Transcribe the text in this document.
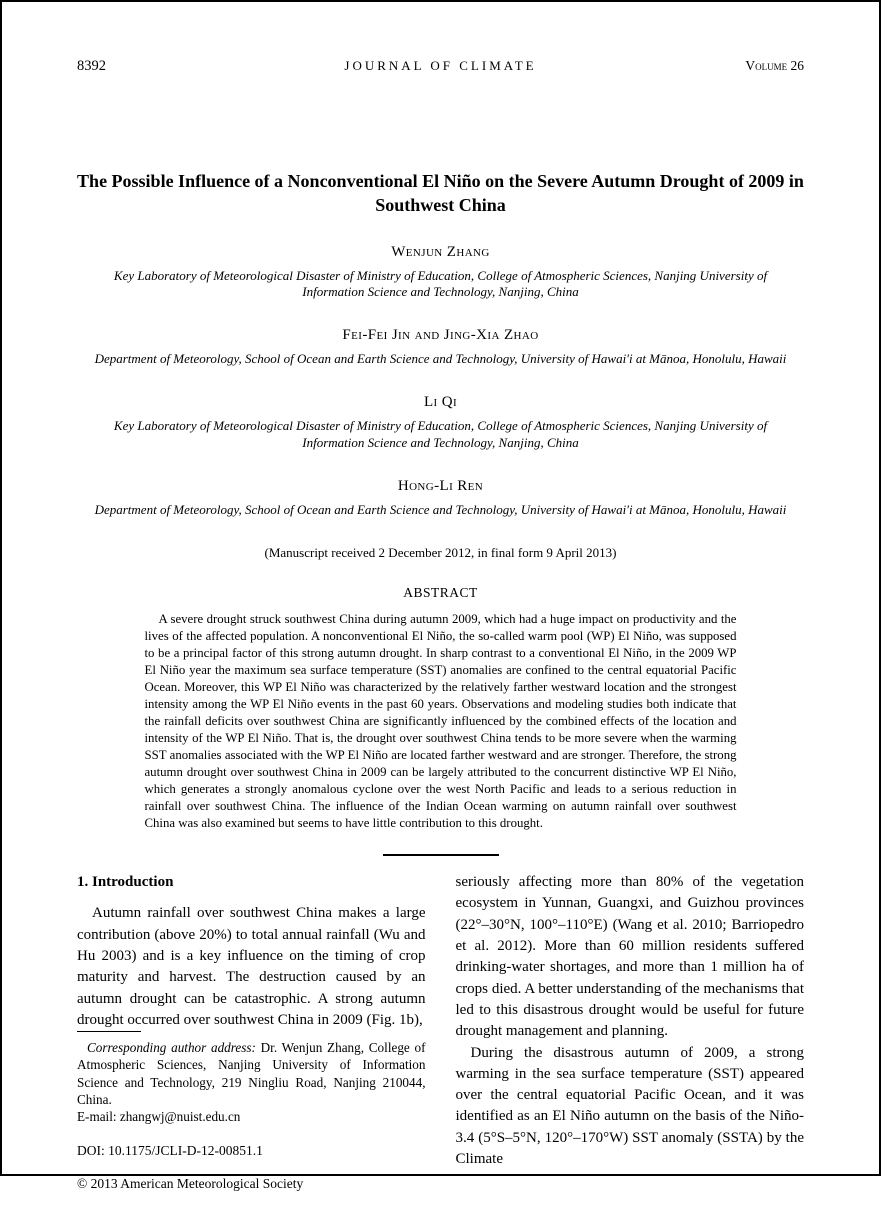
8392	JOURNAL OF CLIMATE	Volume 26
The Possible Influence of a Nonconventional El Niño on the Severe Autumn Drought of 2009 in Southwest China
Wenjun Zhang
Key Laboratory of Meteorological Disaster of Ministry of Education, College of Atmospheric Sciences, Nanjing University of Information Science and Technology, Nanjing, China
Fei-Fei Jin and Jing-Xia Zhao
Department of Meteorology, School of Ocean and Earth Science and Technology, University of Hawai'i at Mānoa, Honolulu, Hawaii
Li Qi
Key Laboratory of Meteorological Disaster of Ministry of Education, College of Atmospheric Sciences, Nanjing University of Information Science and Technology, Nanjing, China
Hong-Li Ren
Department of Meteorology, School of Ocean and Earth Science and Technology, University of Hawai'i at Mānoa, Honolulu, Hawaii
(Manuscript received 2 December 2012, in final form 9 April 2013)
ABSTRACT

A severe drought struck southwest China during autumn 2009, which had a huge impact on productivity and the lives of the affected population. A nonconventional El Niño, the so-called warm pool (WP) El Niño, was supposed to be a principal factor of this strong autumn drought. In sharp contrast to a conventional El Niño, in the 2009 WP El Niño year the maximum sea surface temperature (SST) anomalies are confined to the central equatorial Pacific Ocean. Moreover, this WP El Niño was characterized by the relatively farther westward location and the strongest intensity among the WP El Niño events in the past 60 years. Observations and modeling studies both indicate that the rainfall deficits over southwest China are significantly influenced by the combined effects of the location and intensity of the WP El Niño. That is, the drought over southwest China tends to be more severe when the warming SST anomalies associated with the WP El Niño are located farther westward and are stronger. Therefore, the strong autumn drought over southwest China in 2009 can be largely attributed to the concurrent distinctive WP El Niño, which generates a strongly anomalous cyclone over the west North Pacific and leads to a serious reduction in rainfall over southwest China. The influence of the Indian Ocean warming on autumn rainfall over southwest China was also examined but seems to have little contribution to this drought.

1. Introduction

Autumn rainfall over southwest China makes a large contribution (above 20%) to total annual rainfall (Wu and Hu 2003) and is a key influence on the timing of crop maturity and harvest. The destruction caused by an autumn drought can be catastrophic. A strong autumn drought occurred over southwest China in 2009 (Fig. 1b),

Corresponding author address: Dr. Wenjun Zhang, College of Atmospheric Sciences, Nanjing University of Information Science and Technology, 219 Ningliu Road, Nanjing 210044, China.

E-mail: zhangwj@nuist.edu.cn
DOI: 10.1175/JCLI-D-12-00851.1
© 2013 American Meteorological Society

seriously affecting more than 80% of the vegetation ecosystem in Yunnan, Guangxi, and Guizhou provinces (22°–30°N, 100°–110°E) (Wang et al. 2010; Barriopedro et al. 2012). More than 60 million residents suffered drinking-water shortages, and more than 1 million ha of crops died. A better understanding of the mechanisms that led to this disastrous drought would be useful for future drought management and planning.

During the disastrous autumn of 2009, a strong warming in the sea surface temperature (SST) appeared over the central equatorial Pacific Ocean, and it was identified as an El Niño autumn on the basis of the Niño-3.4 (5°S–5°N, 120°–170°W) SST anomaly (SSTA) by the Climate
